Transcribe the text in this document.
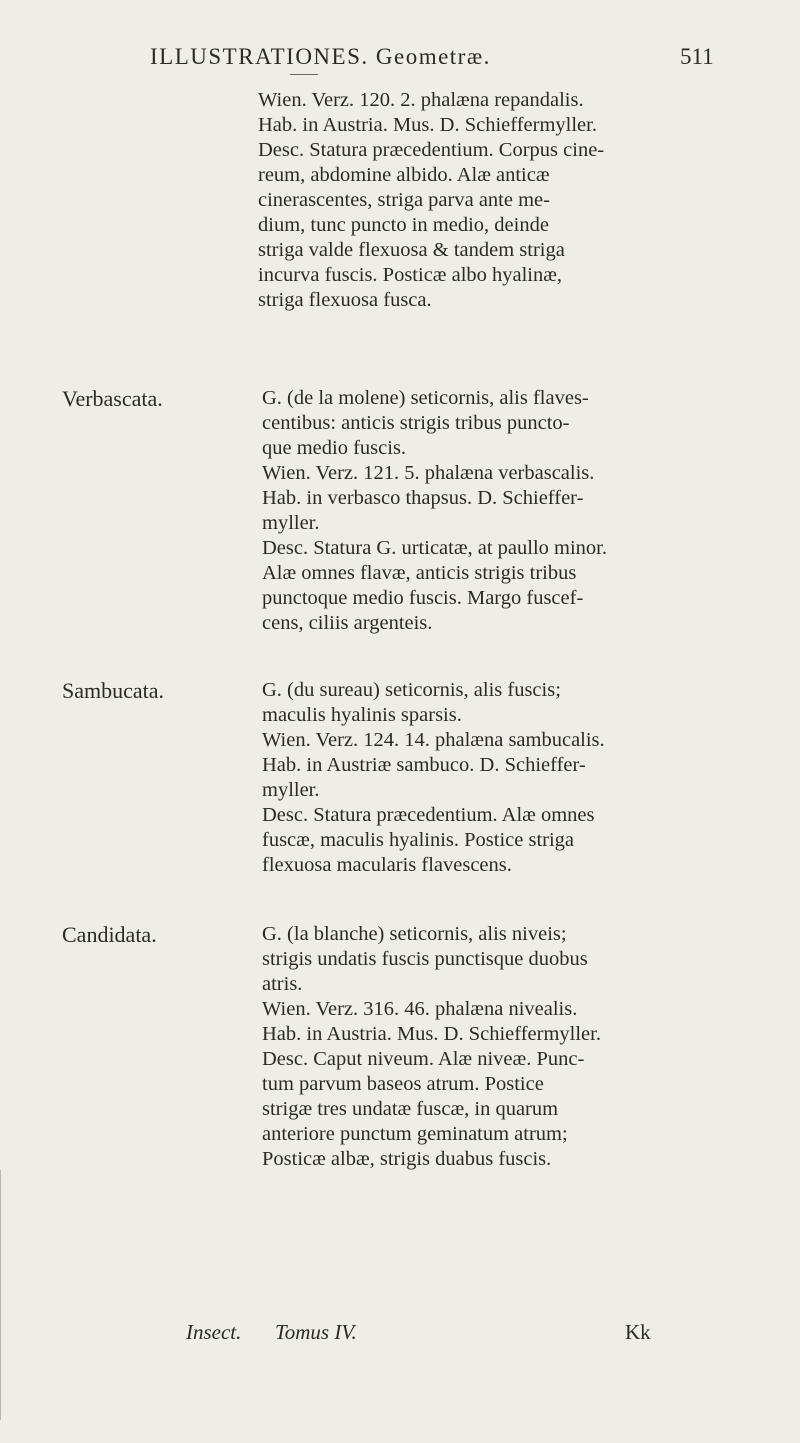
ILLUSTRATIONES. Geometræ.	511
Wien. Verz. 120. 2. phalæna repandalis.
Hab. in Austria. Mus. D. Schieffermyller.
Desc. Statura præcedentium. Corpus cine-
reum, abdomine albido. Alæ anticæ
cinerascentes, striga parva ante me-
dium, tunc puncto in medio, deinde
striga valde flexuosa & tandem striga
incurva fuscis. Posticæ albo hyalinæ,
striga flexuosa fusca.
Verbascata.	G. (de la molene) seticornis, alis flaves-
centibus: anticis strigis tribus puncto-
que medio fuscis.
Wien. Verz. 121. 5. phalæna verbascalis.
Hab. in verbasco thapsus. D. Schieffer-
myller.
Desc. Statura G. urticatæ, at paullo minor.
Alæ omnes flavæ, anticis strigis tribus
punctoque medio fuscis. Margo fuscef-
cens, ciliis argenteis.
Sambucata.	G. (du sureau) seticornis, alis fuscis;
maculis hyalinis sparsis.
Wien. Verz. 124. 14. phalæna sambucalis.
Hab. in Austriæ sambuco. D. Schieffer-
myller.
Desc. Statura præcedentium. Alæ omnes
fuscæ, maculis hyalinis. Postice striga
flexuosa macularis flavescens.
Candidata.	G. (la blanche) seticornis, alis niveis;
strigis undatis fuscis punctisque duobus
atris.
Wien. Verz. 316. 46. phalæna nivealis.
Hab. in Austria. Mus. D. Schieffermyller.
Desc. Caput niveum. Alæ niveæ. Punc-
tum parvum baseos atrum. Postice
strigæ tres undatæ fuscæ, in quarum
anteriore punctum geminatum atrum;
Posticæ albæ, strigis duabus fuscis.
Insect. Tomus IV.	Kk
